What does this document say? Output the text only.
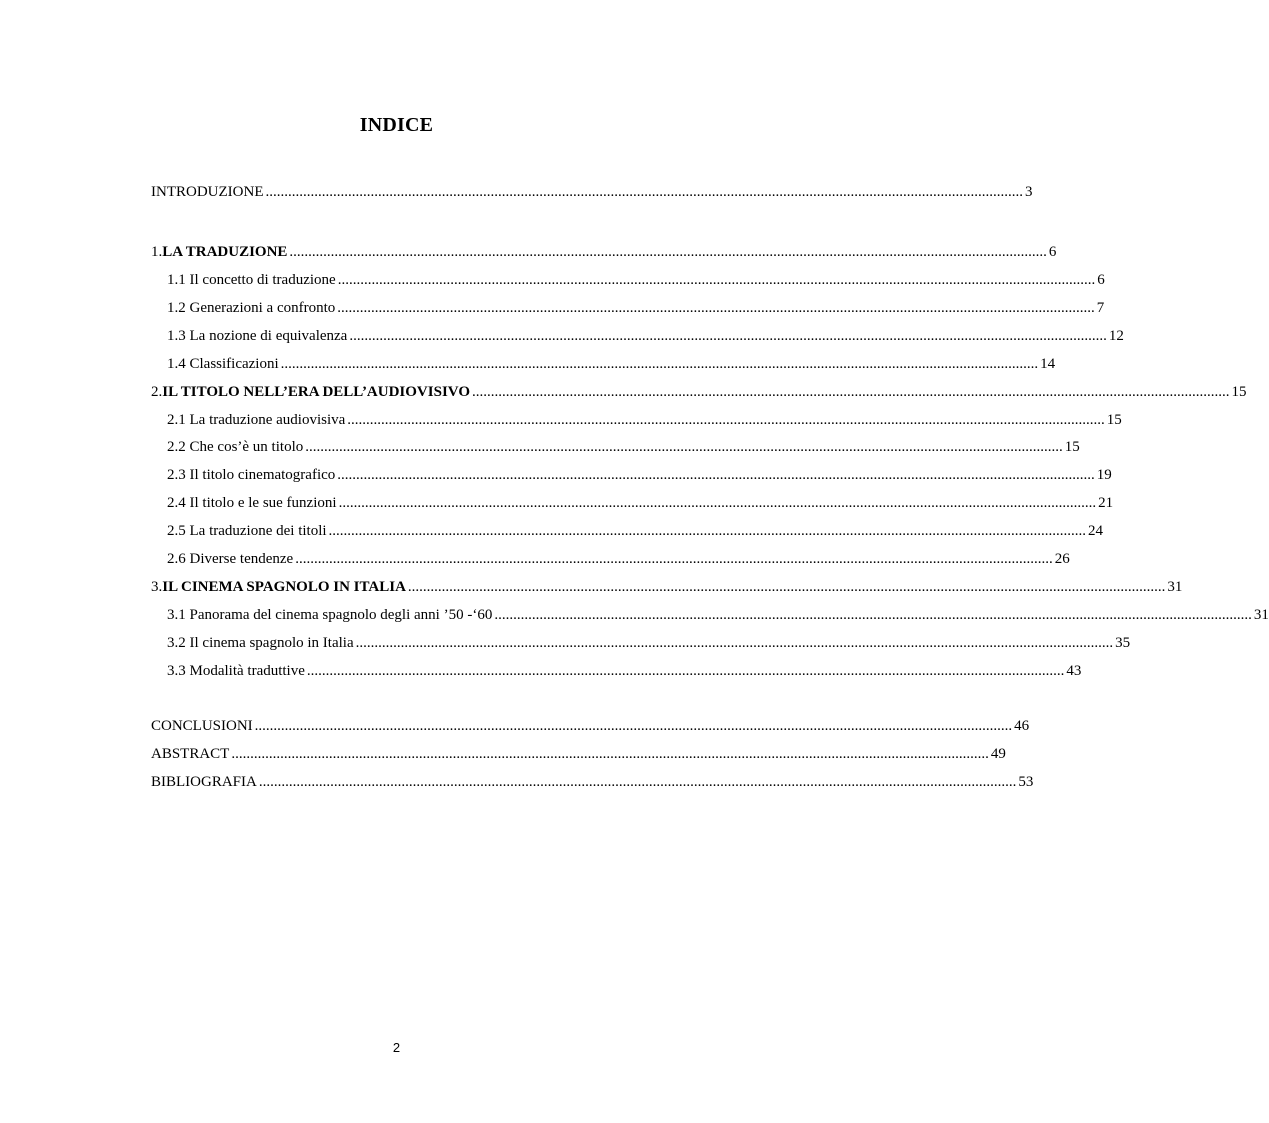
INDICE
INTRODUZIONE .......................................................................................................................................................................................................... 3
1. LA TRADUZIONE .......................................................................................................................................................................................................... 6
1.1 Il concetto di traduzione .......................................................................................................................................................................................................... 6
1.2 Generazioni a confronto .......................................................................................................................................................................................................... 7
1.3 La nozione di equivalenza .......................................................................................................................................................................................................... 12
1.4 Classificazioni .......................................................................................................................................................................................................... 14
2. IL TITOLO NELL’ERA DELL’AUDIOVISIVO .......................................................................................................................................................................................................... 15
2.1 La traduzione audiovisiva .......................................................................................................................................................................................................... 15
2.2 Che cos’è un titolo .......................................................................................................................................................................................................... 15
2.3 Il titolo cinematografico .......................................................................................................................................................................................................... 19
2.4 Il titolo e le sue funzioni .......................................................................................................................................................................................................... 21
2.5 La traduzione dei titoli .......................................................................................................................................................................................................... 24
2.6 Diverse tendenze .......................................................................................................................................................................................................... 26
3. IL CINEMA SPAGNOLO IN ITALIA .......................................................................................................................................................................................................... 31
3.1 Panorama del cinema spagnolo degli anni ’50 -‘60 .......................................................................................................................................................................................................... 31
3.2 Il cinema spagnolo in Italia .......................................................................................................................................................................................................... 35
3.3 Modalità traduttive .......................................................................................................................................................................................................... 43
CONCLUSIONI .......................................................................................................................................................................................................... 46
ABSTRACT .......................................................................................................................................................................................................... 49
BIBLIOGRAFIA .......................................................................................................................................................................................................... 53
2
